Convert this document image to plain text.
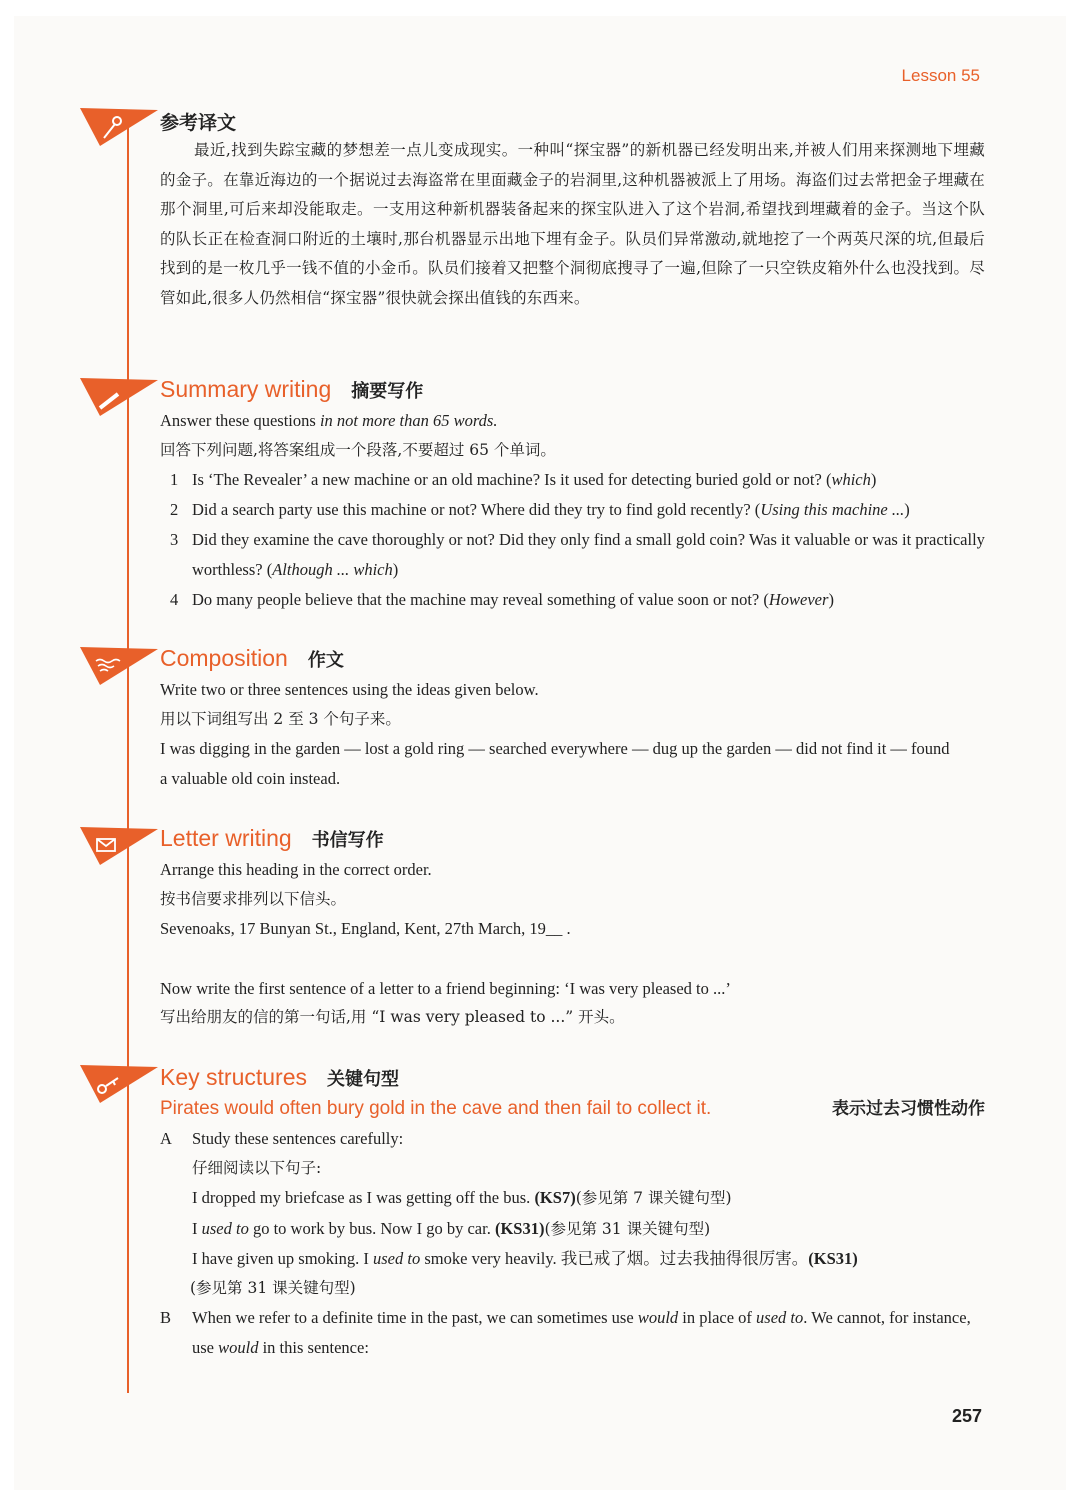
Lesson 55
参考译文

最近,找到失踪宝藏的梦想差一点儿变成现实。一种叫“探宝器”的新机器已经发明出来,并被人们用来探测地下埋藏的金子。在靠近海边的一个据说过去海盗常在里面藏金子的岩洞里,这种机器被派上了用场。海盗们过去常把金子埋藏在那个洞里,可后来却没能取走。一支用这种新机器装备起来的探宝队进入了这个岩洞,希望找到埋藏着的金子。当这个队的队长正在检查洞口附近的土壤时,那台机器显示出地下埋有金子。队员们异常激动,就地挖了一个两英尺深的坑,但最后找到的是一枚几乎一钱不值的小金币。队员们接着又把整个洞彻底搜寻了一遍,但除了一只空铁皮箱外什么也没找到。尽管如此,很多人仍然相信“探宝器”很快就会探出值钱的东西来。

Summary writing 摘要写作

Answer these questions in not more than 65 words.

回答下列问题,将答案组成一个段落,不要超过 65 个单词。

1 Is ‘The Revealer’ a new machine or an old machine? Is it used for detecting buried gold or not? (which)
2 Did a search party use this machine or not? Where did they try to find gold recently? (Using this machine ...)
3 Did they examine the cave thoroughly or not? Did they only find a small gold coin? Was it valuable or was it practically worthless? (Although ... which)
4 Do many people believe that the machine may reveal something of value soon or not? (However)
Composition 作文

Write two or three sentences using the ideas given below.

用以下词组写出 2 至 3 个句子来。

I was digging in the garden — lost a gold ring — searched everywhere — dug up the garden — did not find it — found a valuable old coin instead.

Letter writing 书信写作

Arrange this heading in the correct order.

按书信要求排列以下信头。

Sevenoaks, 17 Bunyan St., England, Kent, 27th March, 19__ .

Now write the first sentence of a letter to a friend beginning: ‘I was very pleased to ...’

写出给朋友的信的第一句话,用 “I was very pleased to ...” 开头。

Key structures 关键句型
Pirates would often bury gold in the cave and then fail to collect it.	表示过去习惯性动作
A	Study these sentences carefully:

仔细阅读以下句子:

I dropped my briefcase as I was getting off the bus. (KS7)(参见第 7 课关键句型)

I used to go to work by bus. Now I go by car. (KS31)(参见第 31 课关键句型)

I have given up smoking. I used to smoke very heavily. 我已戒了烟。过去我抽得很厉害。(KS31)

(参见第 31 课关键句型)

B	When we refer to a definite time in the past, we can sometimes use would in place of used to. We cannot, for instance, use would in this sentence:

257
